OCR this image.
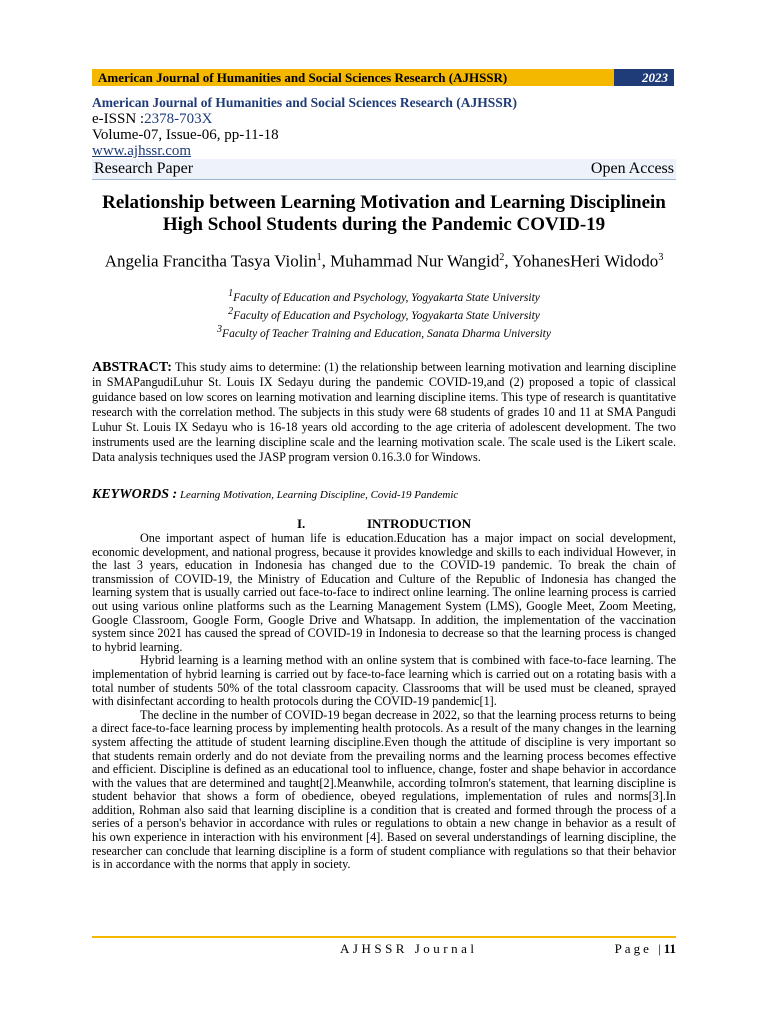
American Journal of Humanities and Social Sciences Research (AJHSSR)	2023
American Journal of Humanities and Social Sciences Research (AJHSSR)
e-ISSN :2378-703X
Volume-07, Issue-06, pp-11-18
www.ajhssr.com
Research Paper	Open Access
Relationship between Learning Motivation and Learning Disciplinein High School Students during the Pandemic COVID-19
Angelia Francitha Tasya Violin$^1$, Muhammad Nur Wangid$^2$, YohanesHeri Widodo$^3$
$^1$Faculty of Education and Psychology, Yogyakarta State University
$^2$Faculty of Education and Psychology, Yogyakarta State University
$^3$Faculty of Teacher Training and Education, Sanata Dharma University
ABSTRACT: This study aims to determine: (1) the relationship between learning motivation and learning discipline in SMAPangudiLuhur St. Louis IX Sedayu during the pandemic COVID-19,and (2) proposed a topic of classical guidance based on low scores on learning motivation and learning discipline items. This type of research is quantitative research with the correlation method. The subjects in this study were 68 students of grades 10 and 11 at SMA Pangudi Luhur St. Louis IX Sedayu who is 16-18 years old according to the age criteria of adolescent development. The two instruments used are the learning discipline scale and the learning motivation scale. The scale used is the Likert scale. Data analysis techniques used the JASP program version 0.16.3.0 for Windows.
KEYWORDS : Learning Motivation, Learning Discipline, Covid-19 Pandemic
I.	INTRODUCTION

One important aspect of human life is education.Education has a major impact on social development, economic development, and national progress, because it provides knowledge and skills to each individual However, in the last 3 years, education in Indonesia has changed due to the COVID-19 pandemic. To break the chain of transmission of COVID-19, the Ministry of Education and Culture of the Republic of Indonesia has changed the learning system that is usually carried out face-to-face to indirect online learning. The online learning process is carried out using various online platforms such as the Learning Management System (LMS), Google Meet, Zoom Meeting, Google Classroom, Google Form, Google Drive and Whatsapp. In addition, the implementation of the vaccination system since 2021 has caused the spread of COVID-19 in Indonesia to decrease so that the learning process is changed to hybrid learning.

Hybrid learning is a learning method with an online system that is combined with face-to-face learning. The implementation of hybrid learning is carried out by face-to-face learning which is carried out on a rotating basis with a total number of students 50% of the total classroom capacity. Classrooms that will be used must be cleaned, sprayed with disinfectant according to health protocols during the COVID-19 pandemic[1].

The decline in the number of COVID-19 began decrease in 2022, so that the learning process returns to being a direct face-to-face learning process by implementing health protocols. As a result of the many changes in the learning system affecting the attitude of student learning discipline.Even though the attitude of discipline is very important so that students remain orderly and do not deviate from the prevailing norms and the learning process becomes effective and efficient. Discipline is defined as an educational tool to influence, change, foster and shape behavior in accordance with the values that are determined and taught[2].Meanwhile, according toImron's statement, that learning discipline is student behavior that shows a form of obedience, obeyed regulations, implementation of rules and norms[3].In addition, Rohman also said that learning discipline is a condition that is created and formed through the process of a series of a person's behavior in accordance with rules or regulations to obtain a new change in behavior as a result of his own experience in interaction with his environment [4]. Based on several understandings of learning discipline, the researcher can conclude that learning discipline is a form of student compliance with regulations so that their behavior is in accordance with the norms that apply in society.

AJHSSR Journal	Page |11
